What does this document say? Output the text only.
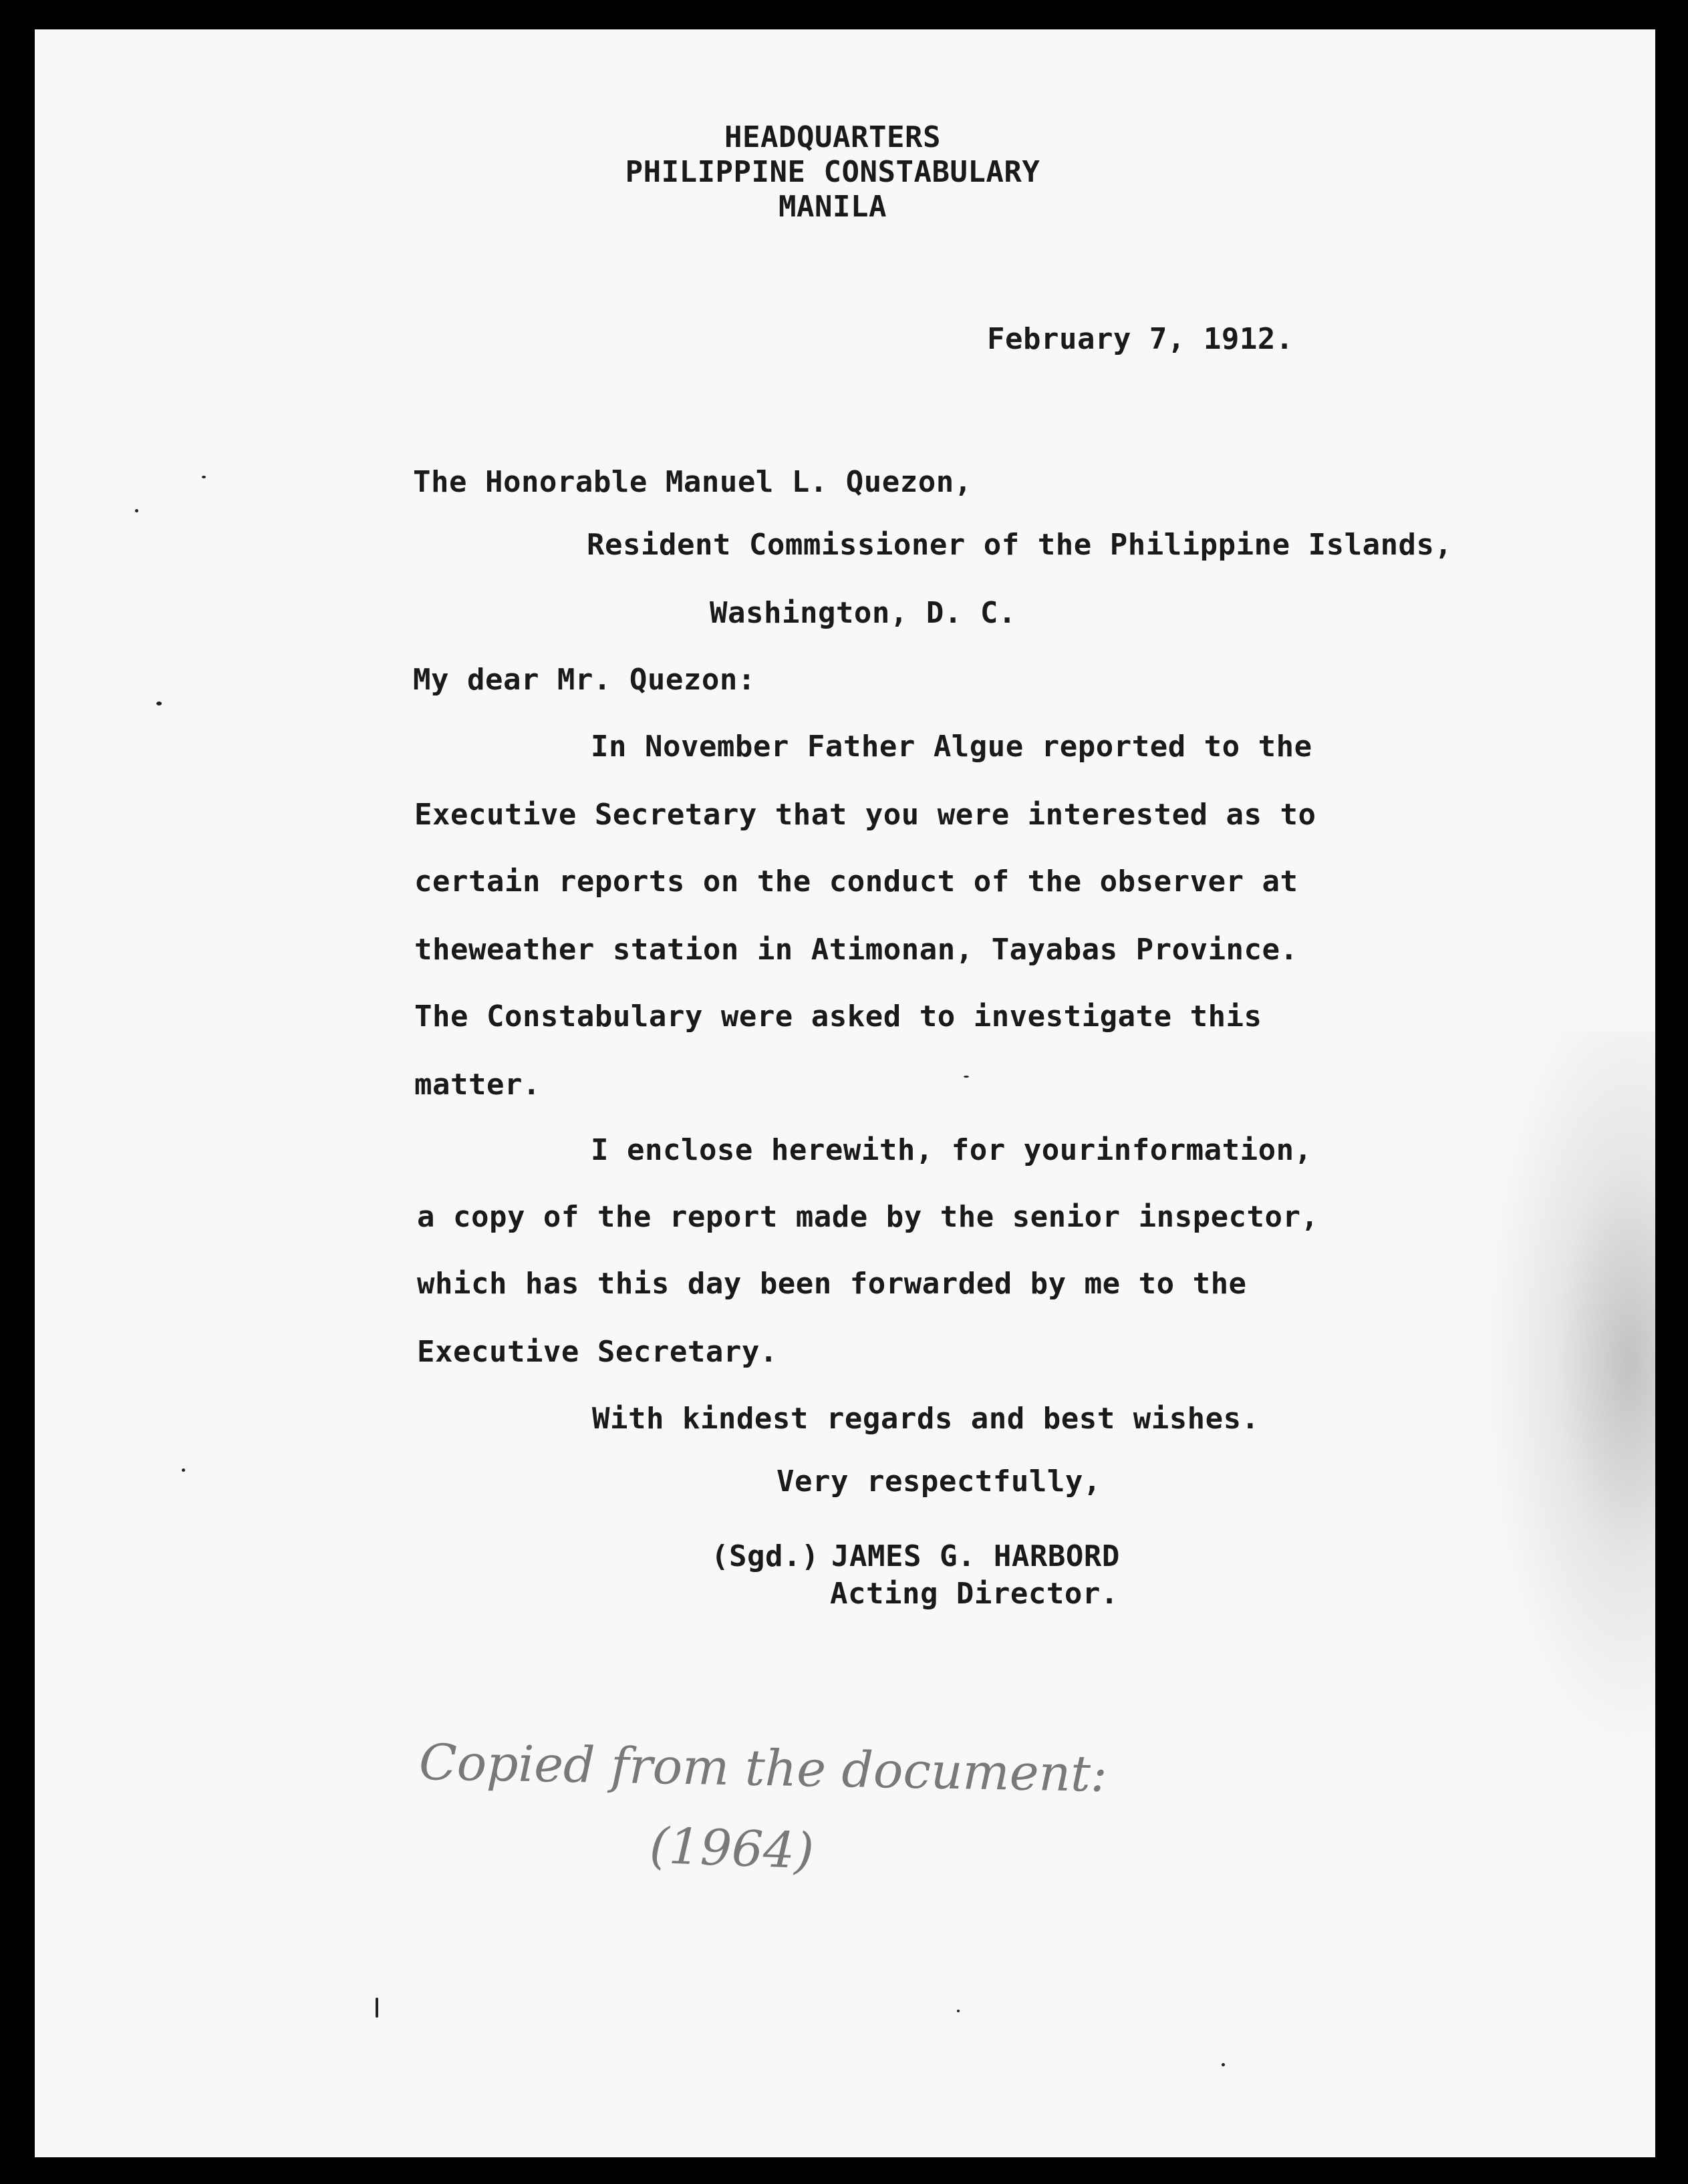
HEADQUARTERS

PHILIPPINE CONSTABULARY

MANILA

February 7, 1912.

The Honorable Manuel L. Quezon,

Resident Commissioner of the Philippine Islands,

Washington, D. C.

My dear Mr. Quezon:

In November Father Algue reported to the

Executive Secretary that you were interested as to

certain reports on the conduct of the observer at

theweather station in Atimonan, Tayabas Province.

The Constabulary were asked to investigate this

matter.

I enclose herewith, for yourinformation,

a copy of the report made by the senior inspector,

which has this day been forwarded by me to the

Executive Secretary.

With kindest regards and best wishes.

Very respectfully,

(Sgd.) JAMES G. HARBORD

Acting Director.

Copied from the document:
(1964)
